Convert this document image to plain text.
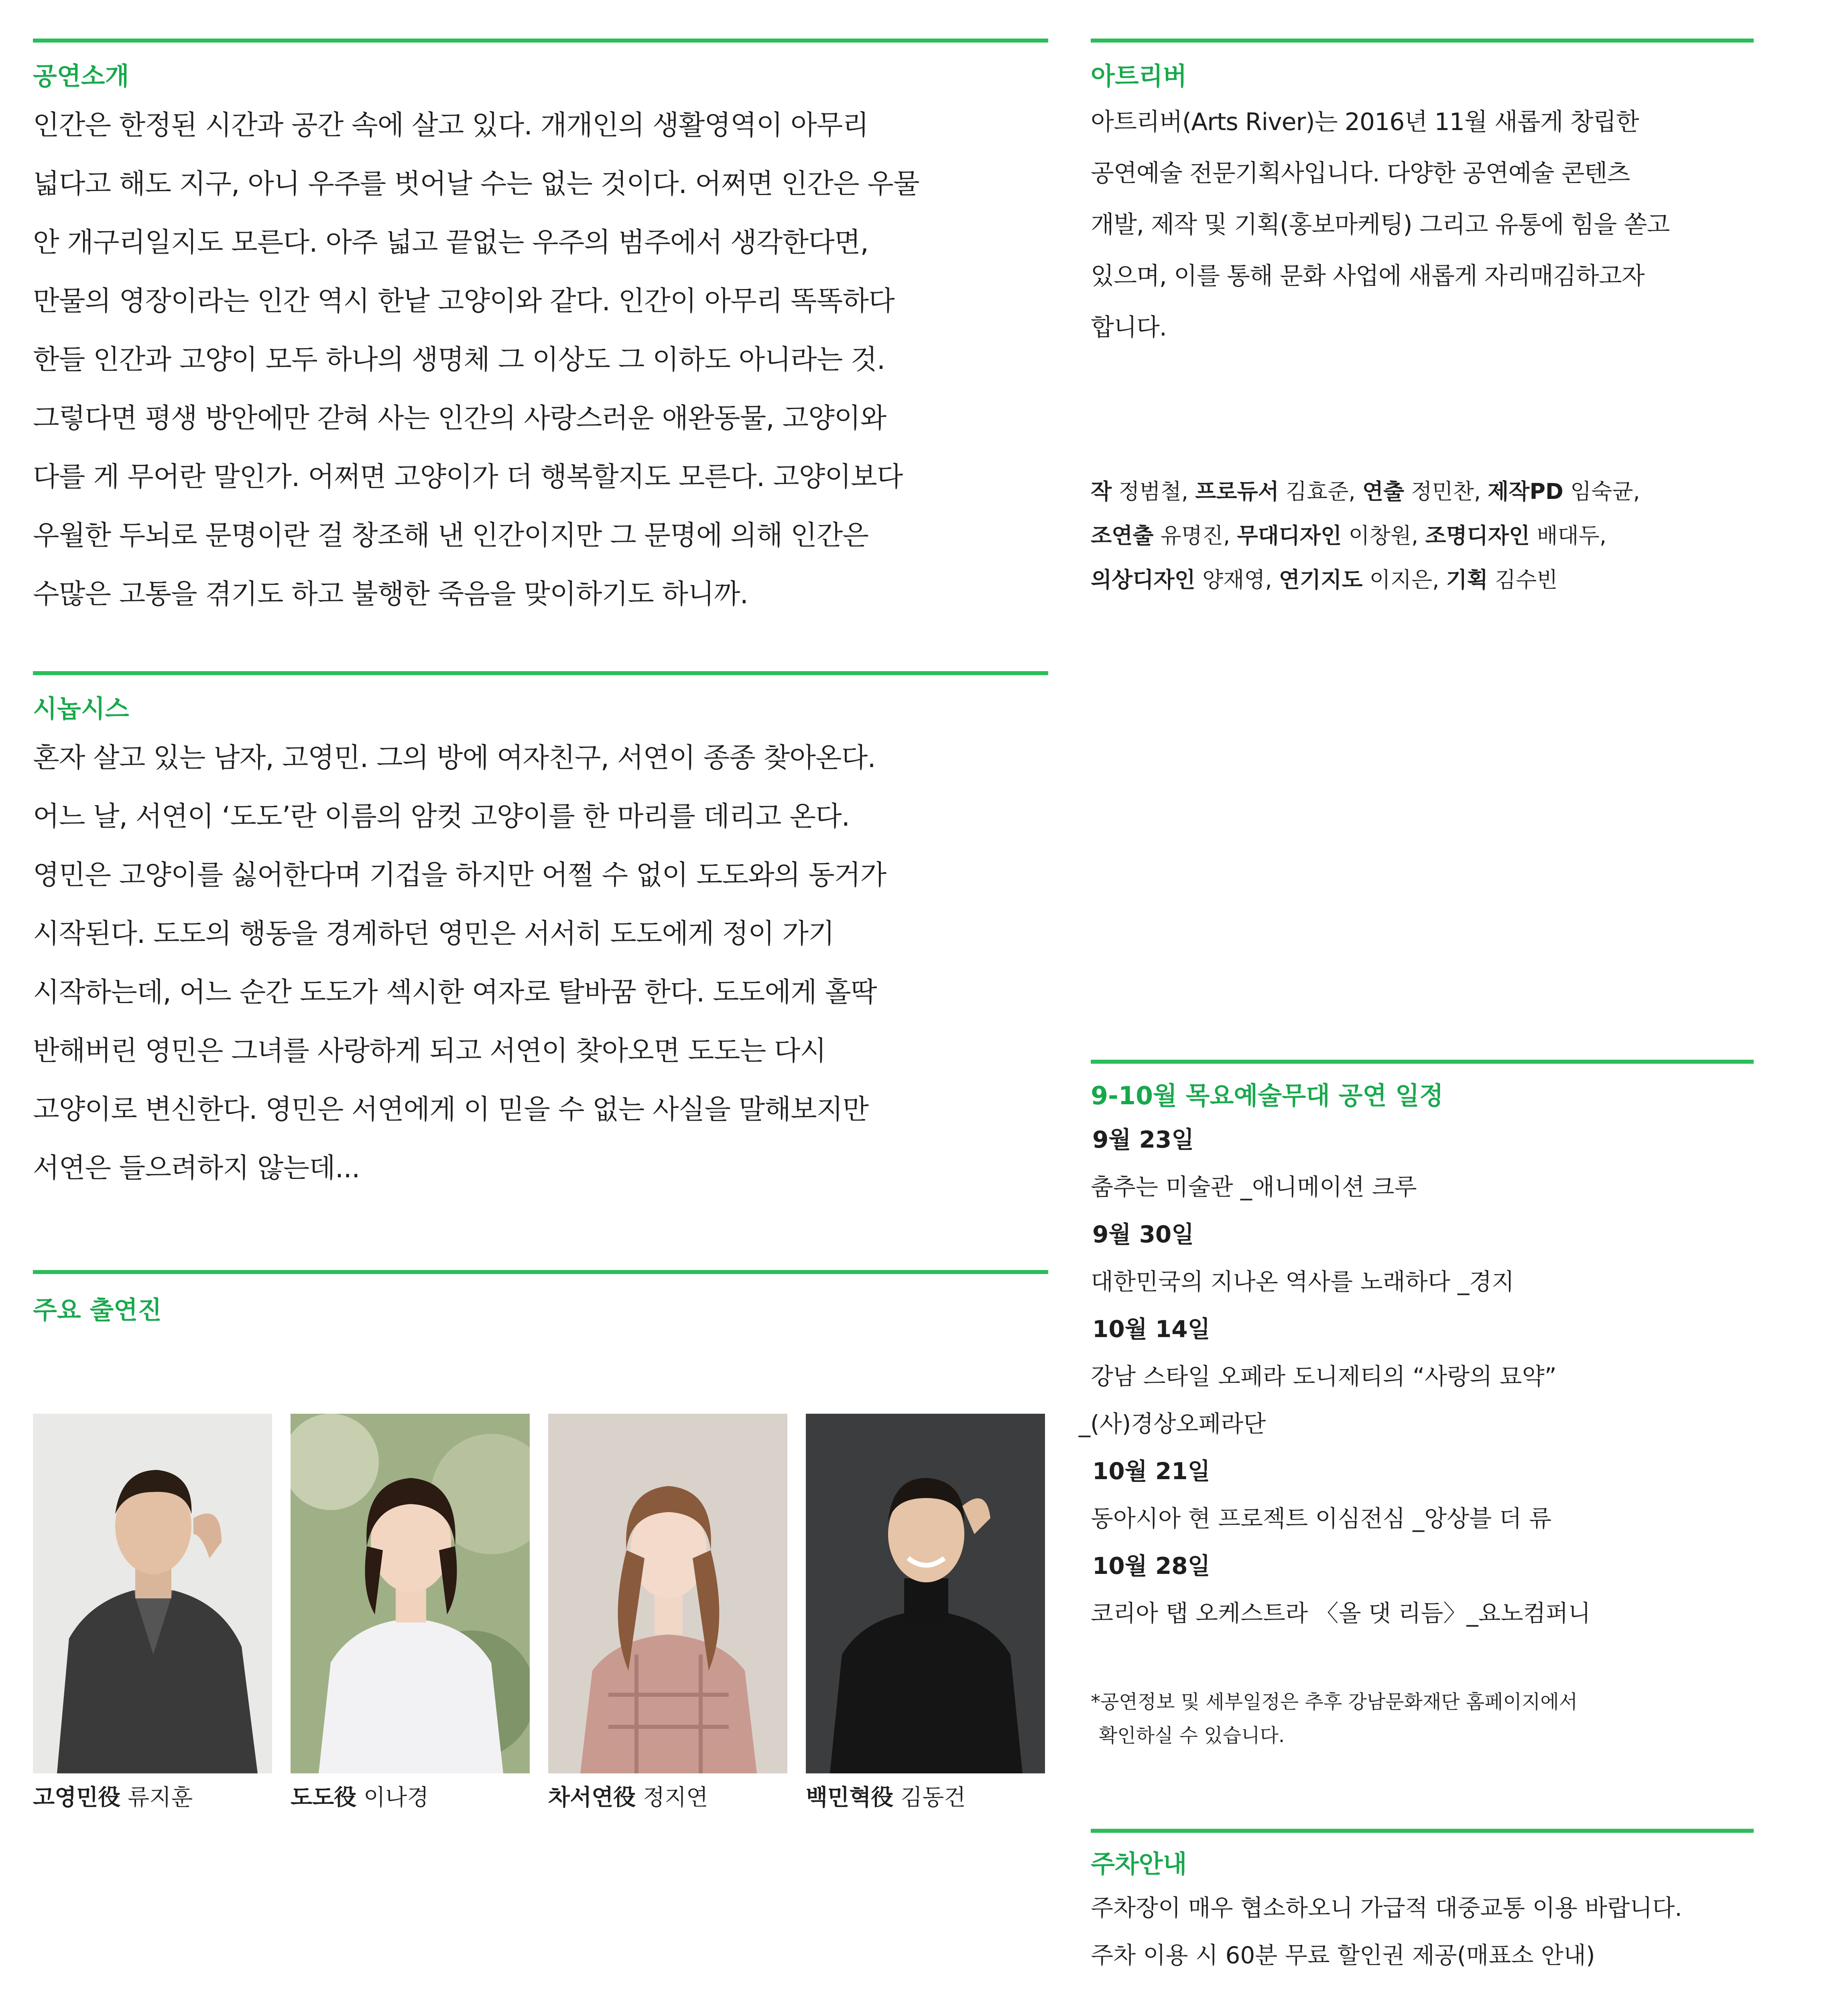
공연소개

인간은 한정된 시간과 공간 속에 살고 있다. 개개인의 생활영역이 아무리
넓다고 해도 지구, 아니 우주를 벗어날 수는 없는 것이다. 어쩌면 인간은 우물
안 개구리일지도 모른다. 아주 넓고 끝없는 우주의 범주에서 생각한다면,
만물의 영장이라는 인간 역시 한낱 고양이와 같다. 인간이 아무리 똑똑하다
한들 인간과 고양이 모두 하나의 생명체 그 이상도 그 이하도 아니라는 것.
그렇다면 평생 방안에만 갇혀 사는 인간의 사랑스러운 애완동물, 고양이와
다를 게 무어란 말인가. 어쩌면 고양이가 더 행복할지도 모른다. 고양이보다
우월한 두뇌로 문명이란 걸 창조해 낸 인간이지만 그 문명에 의해 인간은
수많은 고통을 겪기도 하고 불행한 죽음을 맞이하기도 하니까.

시놉시스

혼자 살고 있는 남자, 고영민. 그의 방에 여자친구, 서연이 종종 찾아온다.
어느 날, 서연이 ‘도도’란 이름의 암컷 고양이를 한 마리를 데리고 온다.
영민은 고양이를 싫어한다며 기겁을 하지만 어쩔 수 없이 도도와의 동거가
시작된다. 도도의 행동을 경계하던 영민은 서서히 도도에게 정이 가기
시작하는데, 어느 순간 도도가 섹시한 여자로 탈바꿈 한다. 도도에게 홀딱
반해버린 영민은 그녀를 사랑하게 되고 서연이 찾아오면 도도는 다시
고양이로 변신한다. 영민은 서연에게 이 믿을 수 없는 사실을 말해보지만
서연은 들으려하지 않는데...

주요 출연진
고영민役 류지훈	도도役 이나경	차서연役 정지연	백민혁役 김동건
아트리버

아트리버(Arts River)는 2016년 11월 새롭게 창립한
공연예술 전문기획사입니다. 다양한 공연예술 콘텐츠
개발, 제작 및 기획(홍보마케팅) 그리고 유통에 힘을 쏟고
있으며, 이를 통해 문화 사업에 새롭게 자리매김하고자
합니다.

작 정범철, 프로듀서 김효준, 연출 정민찬, 제작PD 임숙균,
조연출 유명진, 무대디자인 이창원, 조명디자인 배대두,
의상디자인 양재영, 연기지도 이지은, 기획 김수빈
9-10월 목요예술무대 공연 일정
9월 23일
춤추는 미술관 _애니메이션 크루
9월 30일
대한민국의 지나온 역사를 노래하다 _경지
10월 14일
강남 스타일 오페라 도니제티의 “사랑의 묘약”
_(사)경상오페라단
10월 21일
동아시아 현 프로젝트 이심전심 _앙상블 더 류
10월 28일
코리아 탭 오케스트라 〈올 댓 리듬〉_요노컴퍼니
*공연정보 및 세부일정은 추후 강남문화재단 홈페이지에서
확인하실 수 있습니다.
주차안내
주차장이 매우 협소하오니 가급적 대중교통 이용 바랍니다.
주차 이용 시 60분 무료 할인권 제공(매표소 안내)
